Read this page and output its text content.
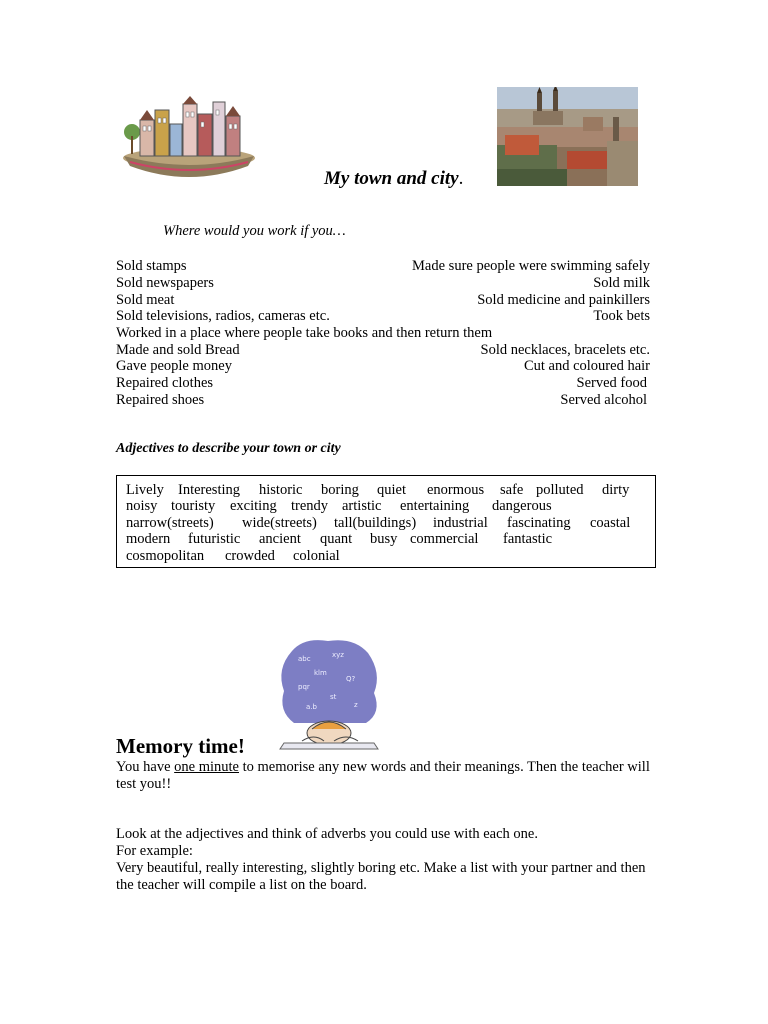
My town and city.
Where would you work if you…
Sold stamps	Made sure people were swimming safely
Sold newspapers	Sold milk
Sold meat	Sold medicine and painkillers
Sold televisions, radios, cameras etc.	Took bets
Worked in a place where people take books and then return them
Made and sold Bread	Sold necklaces, bracelets etc.
Gave people money	Cut and coloured hair
Repaired clothes	Served food
Repaired shoes	Served alcohol
Adjectives to describe your town or city
Lively Interesting historic boring quiet enormous safe polluted dirty
noisy touristy exciting trendy artistic entertaining dangerous
narrow(streets) wide(streets) tall(buildings) industrial fascinating coastal
modern futuristic ancient quant busy commercial fantastic
cosmopolitan crowded colonial
abc	xyz
klm
Q?
pqr
st
z
a.b
Memory time!
You have one minute to memorise any new words and their meanings. Then the teacher will test you!!
Look at the adjectives and think of adverbs you could use with each one.
For example:
Very beautiful, really interesting, slightly boring etc. Make a list with your partner and then the teacher will compile a list on the board.
